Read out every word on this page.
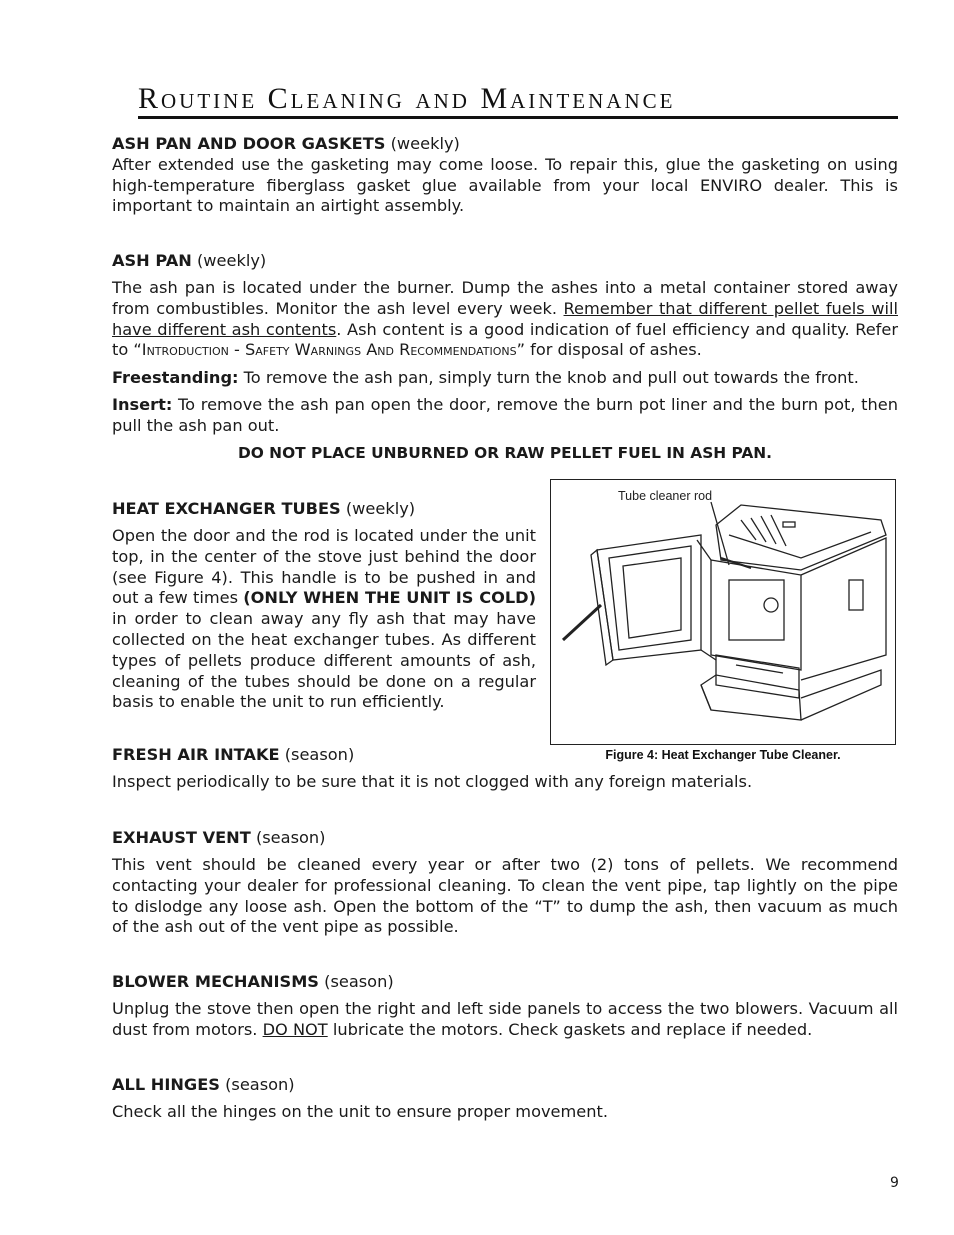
Routine Cleaning and Maintenance

ASH PAN AND DOOR GASKETS (weekly)
After extended use the gasketing may come loose. To repair this, glue the gasketing on using high-temperature fiberglass gasket glue available from your local ENVIRO dealer. This is important to maintain an airtight assembly.

ASH PAN (weekly)

The ash pan is located under the burner. Dump the ashes into a metal container stored away from combustibles. Monitor the ash level every week. Remember that different pellet fuels will have different ash contents. Ash content is a good indication of fuel efficiency and quality. Refer to “Introduction - Safety Warnings And Recommendations” for disposal of ashes.

Freestanding: To remove the ash pan, simply turn the knob and pull out towards the front.

Insert: To remove the ash pan open the door, remove the burn pot liner and the burn pot, then pull the ash pan out.

DO NOT PLACE UNBURNED OR RAW PELLET FUEL IN ASH PAN.

HEAT EXCHANGER TUBES (weekly)

Open the door and the rod is located under the unit top, in the center of the stove just behind the door (see Figure 4). This handle is to be pushed in and out a few times (ONLY WHEN THE UNIT IS COLD) in order to clean away any fly ash that may have collected on the heat exchanger tubes. As different types of pellets produce different amounts of ash, cleaning of the tubes should be done on a regular basis to enable the unit to run efficiently.

Tube cleaner rod
Figure 4: Heat Exchanger Tube Cleaner.

FRESH AIR INTAKE (season)

Inspect periodically to be sure that it is not clogged with any foreign materials.

EXHAUST VENT (season)

This vent should be cleaned every year or after two (2) tons of pellets. We recommend contacting your dealer for professional cleaning. To clean the vent pipe, tap lightly on the pipe to dislodge any loose ash. Open the bottom of the “T” to dump the ash, then vacuum as much of the ash out of the vent pipe as possible.

BLOWER MECHANISMS (season)

Unplug the stove then open the right and left side panels to access the two blowers. Vacuum all dust from motors. DO NOT lubricate the motors. Check gaskets and replace if needed.

ALL HINGES (season)

Check all the hinges on the unit to ensure proper movement.

9
